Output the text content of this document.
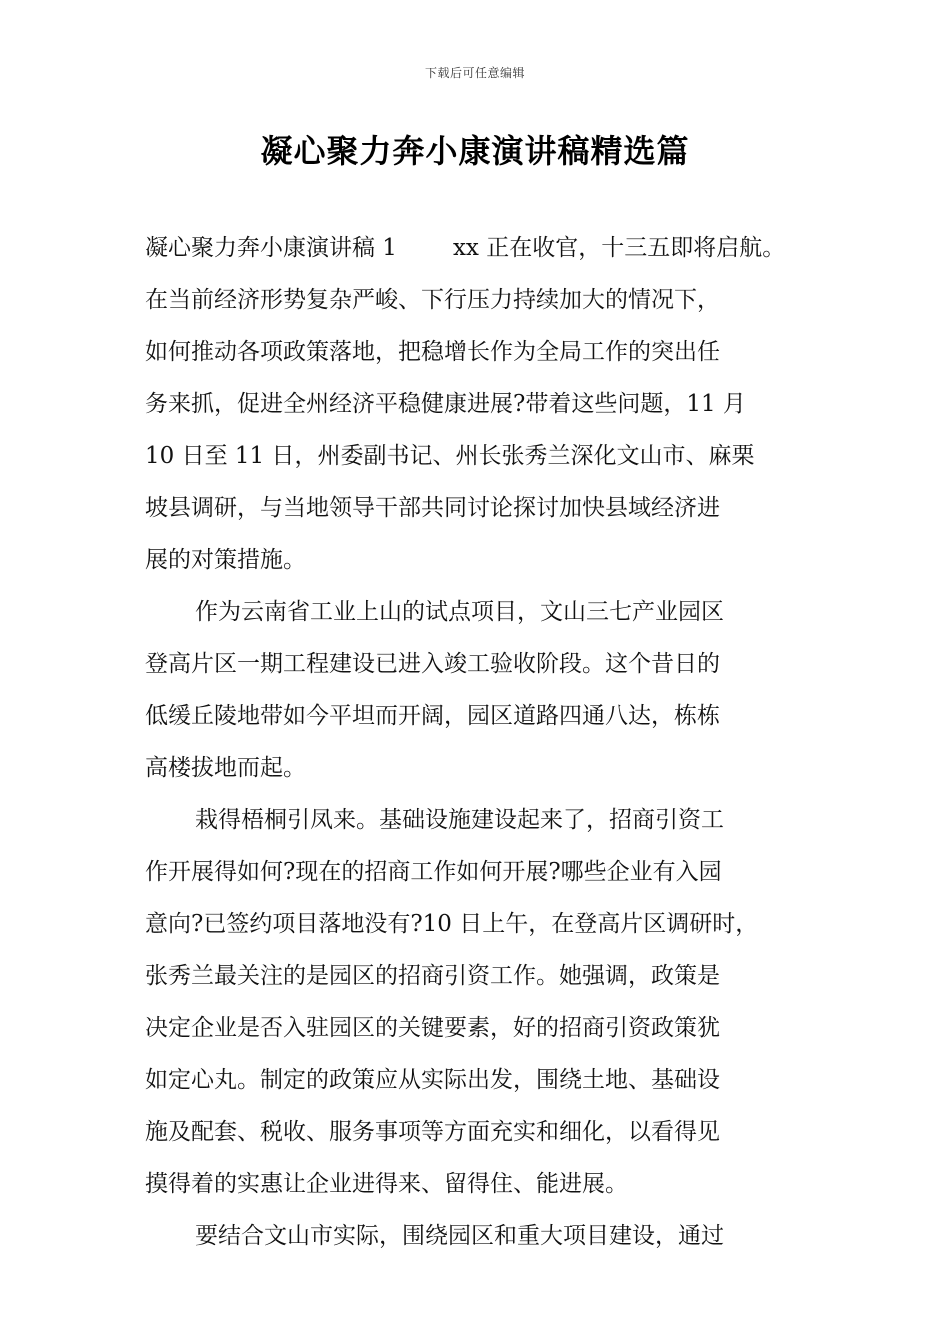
下载后可任意编辑
凝心聚力奔小康演讲稿精选篇
凝心聚力奔小康演讲稿 1 xx 正在收官，十三五即将启航。
在当前经济形势复杂严峻、下行压力持续加大的情况下，
如何推动各项政策落地，把稳增长作为全局工作的突出任
务来抓，促进全州经济平稳健康进展?带着这些问题，11 月
10 日至 11 日，州委副书记、州长张秀兰深化文山市、麻栗
坡县调研，与当地领导干部共同讨论探讨加快县域经济进
展的对策措施。
作为云南省工业上山的试点项目，文山三七产业园区
登高片区一期工程建设已进入竣工验收阶段。这个昔日的
低缓丘陵地带如今平坦而开阔，园区道路四通八达，栋栋
高楼拔地而起。
栽得梧桐引凤来。基础设施建设起来了，招商引资工
作开展得如何?现在的招商工作如何开展?哪些企业有入园
意向?已签约项目落地没有?10 日上午，在登高片区调研时，
张秀兰最关注的是园区的招商引资工作。她强调，政策是
决定企业是否入驻园区的关键要素，好的招商引资政策犹
如定心丸。制定的政策应从实际出发，围绕土地、基础设
施及配套、税收、服务事项等方面充实和细化，以看得见
摸得着的实惠让企业进得来、留得住、能进展。
要结合文山市实际，围绕园区和重大项目建设，通过
